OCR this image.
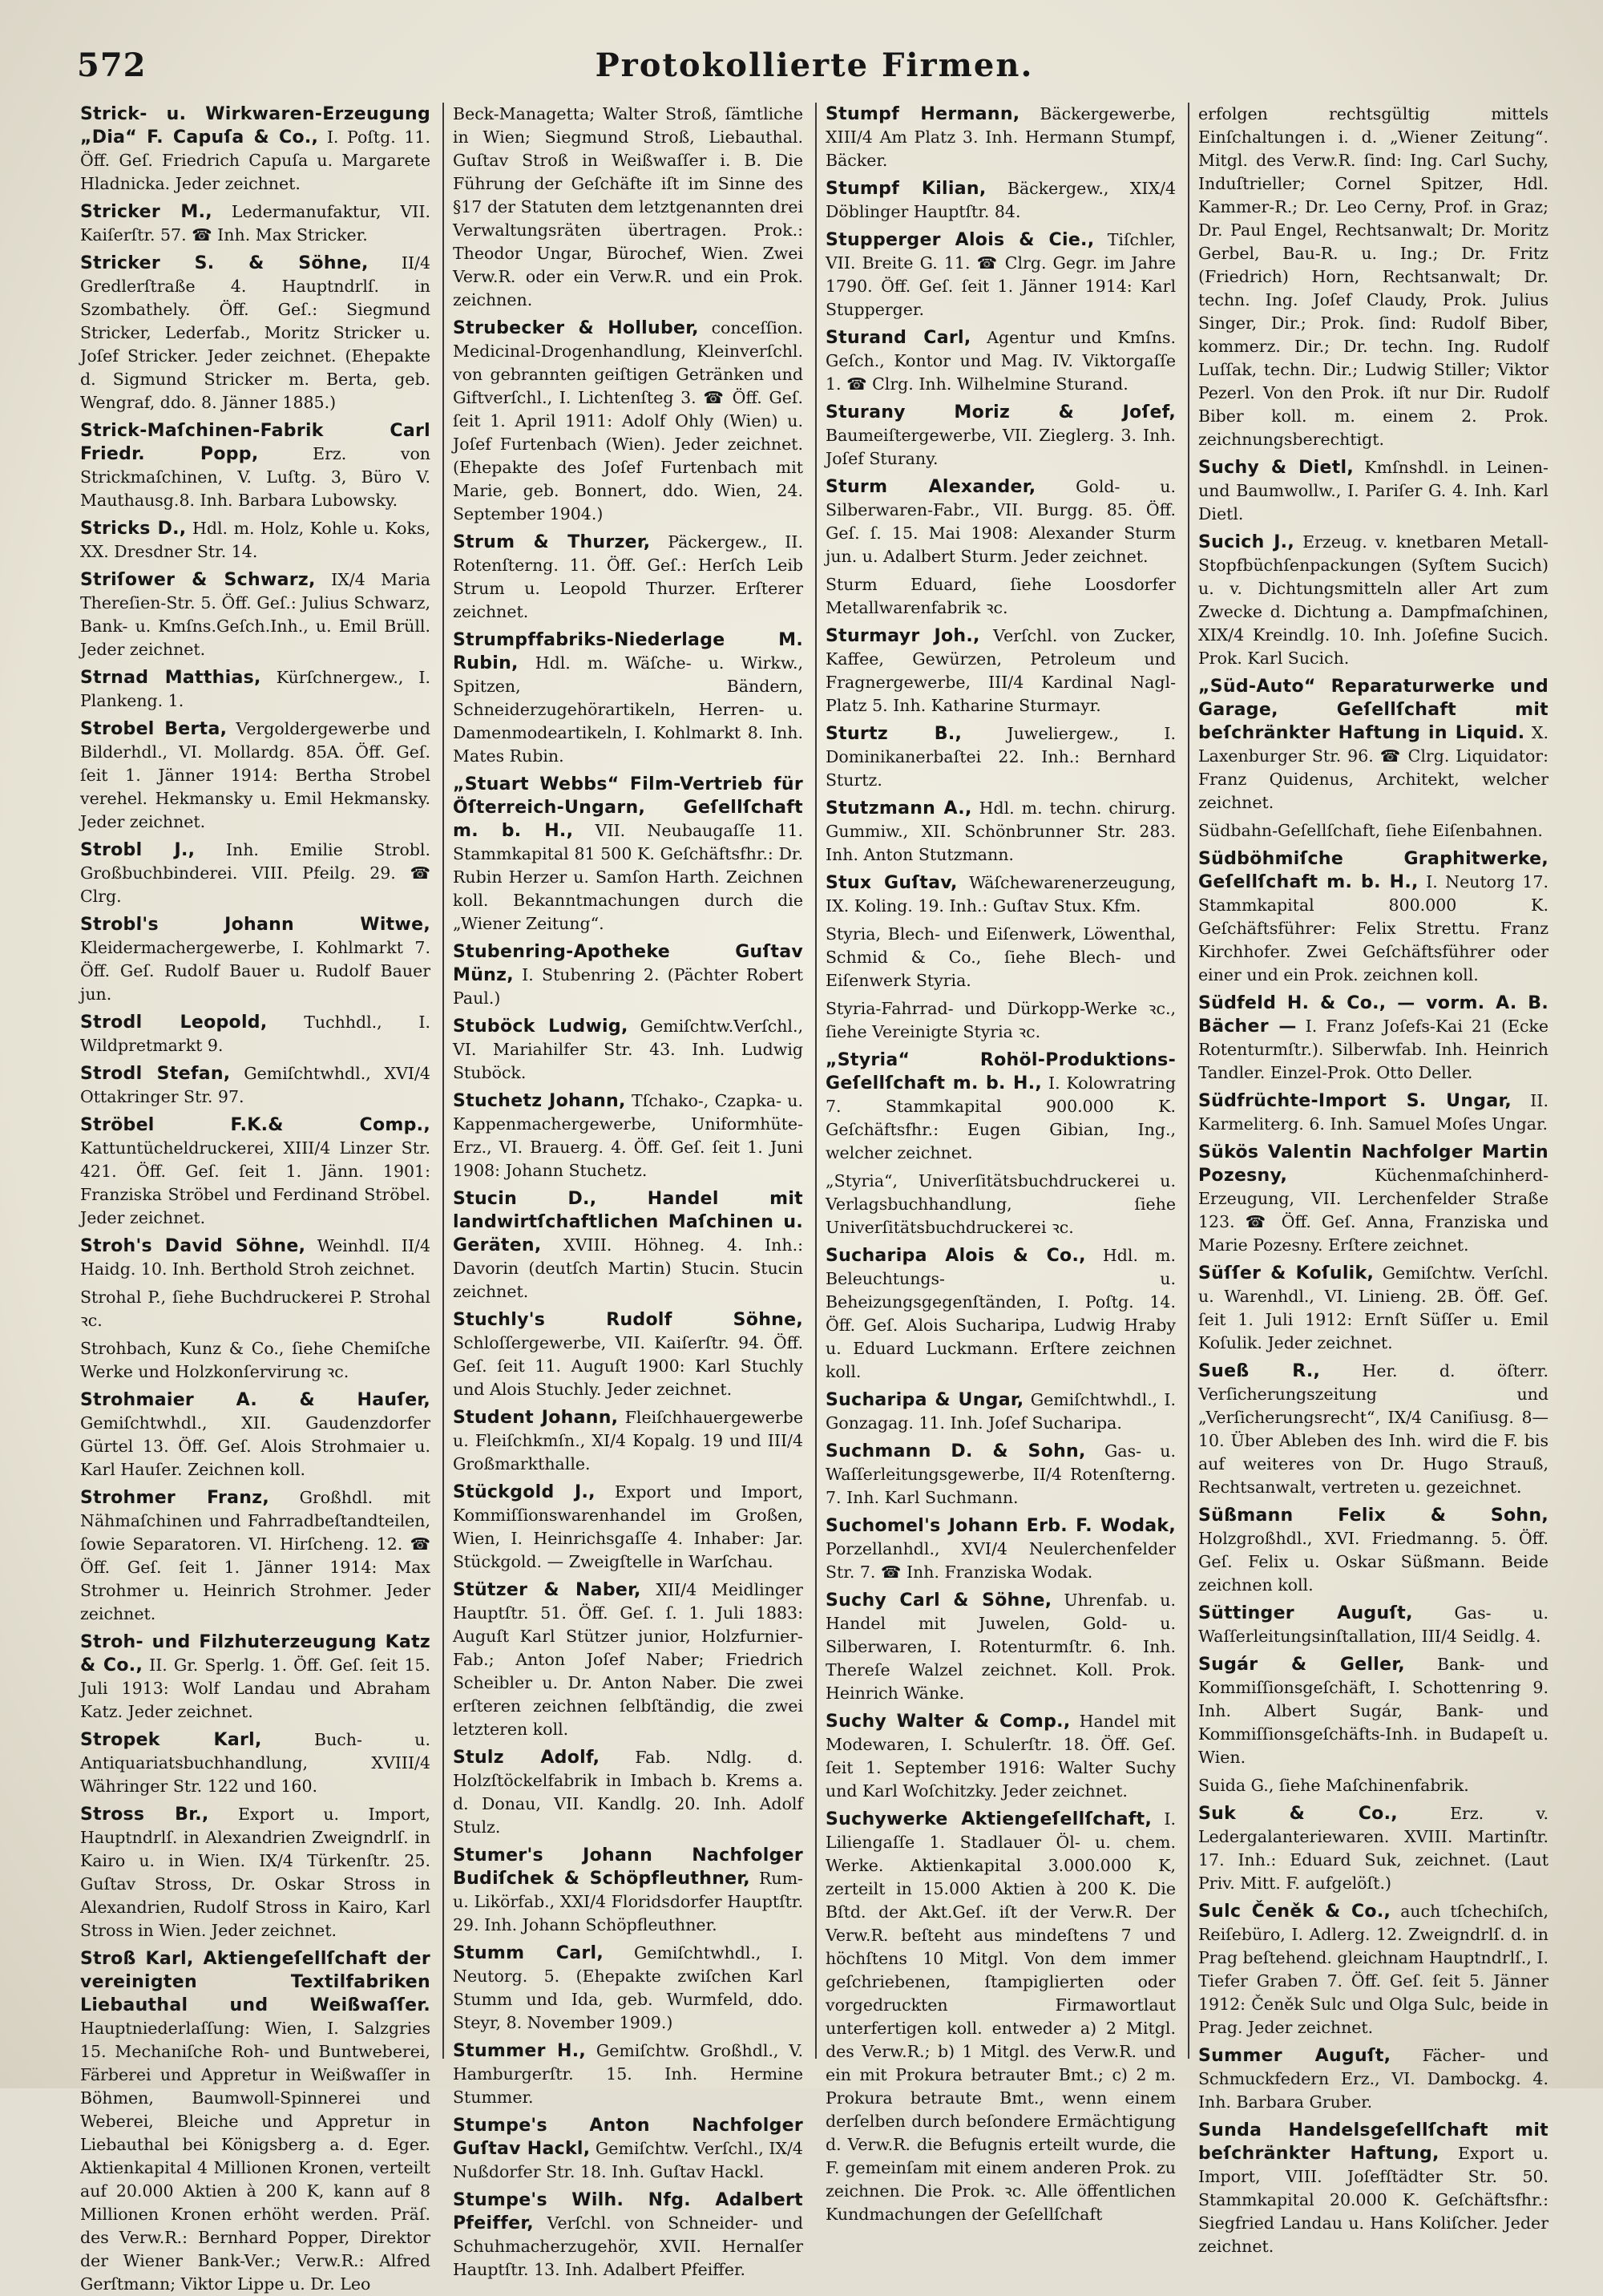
572	Protokollierte Firmen.
Strick- u. Wirkwaren-Erzeugung „Dia“ F. Capuſa & Co., I. Poſtg. 11. Öff. Geſ. Friedrich Capuſa u. Margarete Hladnicka. Jeder zeichnet.
Stricker M., Ledermanufaktur, VII. Kaiſerſtr. 57. ☎ Inh. Max Stricker.
Stricker S. & Söhne, II/4 Gredlerſtraße 4. Hauptndrlſ. in Szombathely. Öff. Geſ.: Siegmund Stricker, Lederfab., Moritz Stricker u. Joſef Stricker. Jeder zeichnet. (Ehepakte d. Sigmund Stricker m. Berta, geb. Wengraf, ddo. 8. Jänner 1885.)
Strick-Maſchinen-Fabrik Carl Friedr. Popp,	Erz. von Strickmaſchinen, V. Luſtg. 3, Büro V. Mauthausg.8. Inh. Barbara Lubowsky.
Stricks D., Hdl. m. Holz, Kohle u. Koks, XX. Dresdner Str. 14.
Striſower & Schwarz, IX/4 Maria Thereſien-Str. 5. Öff. Geſ.: Julius Schwarz, Bank- u. Kmſns.Geſch.Inh., u. Emil Brüll. Jeder zeichnet.
Strnad Matthias, Kürſchnergew., I. Plankeng. 1.
Strobel Berta, Vergoldergewerbe und Bilderhdl., VI. Mollardg. 85A. Öff. Geſ. ſeit 1. Jänner 1914: Bertha Strobel verehel. Hekmansky u. Emil Hekmansky. Jeder zeichnet.
Strobl J., Inh. Emilie Strobl. Großbuchbinderei. VIII. Pfeilg. 29. ☎ Clrg.
Strobl's Johann Witwe, Kleidermachergewerbe, I. Kohlmarkt 7. Öff. Geſ. Rudolf Bauer u. Rudolf Bauer jun.
Strodl Leopold, Tuchhdl., I. Wildpretmarkt 9.
Strodl Stefan, Gemiſchtwhdl., XVI/4 Ottakringer Str. 97.
Ströbel F.K.& Comp., Kattuntücheldruckerei, XIII/4 Linzer Str. 421. Öff. Geſ. ſeit 1. Jänn. 1901: Franziska Ströbel und Ferdinand Ströbel. Jeder zeichnet.
Stroh's David Söhne, Weinhdl. II/4 Haidg. 10. Inh. Berthold Stroh zeichnet.
Strohal P., ſiehe Buchdruckerei P. Strohal ꝛc.
Strohbach, Kunz & Co., ſiehe Chemiſche Werke und Holzkonſervirung ꝛc.
Strohmaier A. & Hauſer, Gemiſchtwhdl., XII. Gaudenzdorfer Gürtel 13. Öff. Geſ. Alois Strohmaier u. Karl Hauſer. Zeichnen koll.
Strohmer Franz, Großhdl. mit Nähmaſchinen und Fahrradbeſtandteilen, ſowie Separatoren. VI. Hirſcheng. 12. ☎ Öff. Geſ. ſeit 1. Jänner 1914: Max Strohmer u. Heinrich Strohmer. Jeder zeichnet.
Stroh- und Filzhuterzeugung Katz & Co., II. Gr. Sperlg. 1. Öff. Geſ. ſeit 15. Juli 1913: Wolf Landau und Abraham Katz. Jeder zeichnet.
Stropek Karl,	Buch- u. Antiquariatsbuchhandlung, XVIII/4 Währinger Str. 122 und 160.
Stross Br., Export u. Import, Hauptndrlſ. in Alexandrien Zweigndrlſ. in Kairo u. in Wien. IX/4 Türkenſtr. 25. Guſtav Stross, Dr. Oskar Stross in Alexandrien, Rudolf Stross in Kairo, Karl Stross in Wien. Jeder zeichnet.
Stroß Karl, Aktiengeſellſchaft der vereinigten Textilfabriken Liebauthal und Weißwaſſer. Hauptniederlaſſung: Wien, I. Salzgries 15. Mechaniſche Roh- und Buntweberei, Färberei und Appretur in Weißwaſſer in Böhmen, Baumwoll-Spinnerei und Weberei, Bleiche und Appretur in Liebauthal bei Königsberg a. d. Eger. Aktienkapital 4 Millionen Kronen, verteilt auf 20.000 Aktien à 200 K, kann auf 8 Millionen Kronen erhöht werden. Präſ. des Verw.R.: Bernhard Popper, Direktor der Wiener Bank-Ver.; Verw.R.: Alfred Gerſtmann; Viktor Lippe u. Dr. Leo
Beck-Managetta; Walter Stroß, ſämtliche in Wien; Siegmund Stroß, Liebauthal. Guſtav Stroß in Weißwaſſer i. B. Die Führung der Geſchäfte iſt im Sinne des §17 der Statuten dem letztgenannten drei Verwaltungsräten übertragen. Prok.: Theodor Ungar, Bürochef, Wien. Zwei Verw.R. oder ein Verw.R. und ein Prok. zeichnen.
Strubecker & Holluber, conceſſion. Medicinal-Drogenhandlung, Kleinverſchl. von gebrannten geiſtigen Getränken und Giftverſchl., I. Lichtenſteg 3. ☎ Öff. Geſ. ſeit 1. April 1911: Adolf Ohly (Wien) u. Joſef Furtenbach (Wien). Jeder zeichnet. (Ehepakte des Joſef Furtenbach mit Marie, geb. Bonnert, ddo. Wien, 24. September 1904.)
Strum & Thurzer, Päckergew., II. Rotenſterng. 11. Öff. Geſ.: Herſch Leib Strum u. Leopold Thurzer. Erſterer zeichnet.
Strumpffabriks-Niederlage M. Rubin, Hdl. m. Wäſche- u. Wirkw., Spitzen, Bändern, Schneiderzugehörartikeln, Herren- u. Damenmodeartikeln, I. Kohlmarkt 8. Inh. Mates Rubin.
„Stuart Webbs“ Film-Vertrieb für Öſterreich-Ungarn, Geſellſchaft m. b. H., VII. Neubaugaſſe 11. Stammkapital 81 500 K. Geſchäftsfhr.: Dr. Rubin Herzer u. Samſon Harth. Zeichnen koll. Bekanntmachungen durch die „Wiener Zeitung“.
Stubenring-Apotheke Guſtav Münz, I. Stubenring 2. (Pächter Robert Paul.)
Stuböck Ludwig, Gemiſchtw.Verſchl., VI. Mariahilfer Str. 43. Inh. Ludwig Stuböck.
Stuchetz Johann, Tſchako-, Czapka- u. Kappenmachergewerbe, Uniformhüte-Erz., VI. Brauerg. 4. Öff. Geſ. ſeit 1. Juni 1908: Johann Stuchetz.
Stucin D., Handel mit landwirtſchaftlichen Maſchinen u. Geräten, XVIII. Höhneg. 4. Inh.: Davorin (deutſch Martin) Stucin. Stucin zeichnet.
Stuchly's Rudolf Söhne, Schloſſergewerbe, VII. Kaiſerſtr. 94. Öff. Geſ. ſeit 11. Auguſt 1900: Karl Stuchly und Alois Stuchly. Jeder zeichnet.
Student Johann, Fleiſchhauergewerbe u. Fleiſchkmſn., XI/4 Kopalg. 19 und III/4 Großmarkthalle.
Stückgold J., Export und Import, Kommiſſionswarenhandel im Großen, Wien, I. Heinrichsgaſſe 4. Inhaber: Jar. Stückgold. — Zweigſtelle in Warſchau.
Stützer & Naber, XII/4 Meidlinger Hauptſtr. 51. Öff. Geſ. ſ. 1. Juli 1883: Auguſt Karl Stützer junior, Holzfurnier-Fab.; Anton Joſef Naber; Friedrich Scheibler u. Dr. Anton Naber. Die zwei erſteren zeichnen ſelbſtändig, die zwei letzteren koll.
Stulz Adolf, Fab. Ndlg. d. Holzſtöckelfabrik in Imbach b. Krems a. d. Donau, VII. Kandlg. 20. Inh. Adolf Stulz.
Stumer's Johann Nachfolger Budiſchek & Schöpfleuthner, Rum- u. Likörfab., XXI/4 Floridsdorfer Hauptſtr. 29. Inh. Johann Schöpfleuthner.
Stumm Carl, Gemiſchtwhdl., I. Neutorg. 5. (Ehepakte zwiſchen Karl Stumm und Ida, geb. Wurmfeld, ddo. Steyr, 8. November 1909.)
Stummer H., Gemiſchtw. Großhdl., V. Hamburgerſtr. 15. Inh. Hermine Stummer.
Stumpe's Anton Nachfolger Guſtav Hackl, Gemiſchtw. Verſchl., IX/4 Nußdorfer Str. 18. Inh. Guſtav Hackl.
Stumpe's Wilh. Nfg. Adalbert Pfeiffer, Verſchl. von Schneider- und Schuhmacherzugehör, XVII. Hernalſer Hauptſtr. 13. Inh. Adalbert Pfeiffer.
Stumpf Hermann, Bäckergewerbe, XIII/4 Am Platz 3. Inh. Hermann Stumpf, Bäcker.
Stumpf Kilian, Bäckergew., XIX/4 Döblinger Hauptſtr. 84.
Stupperger Alois & Cie., Tiſchler, VII. Breite G. 11. ☎ Clrg. Gegr. im Jahre 1790. Öff. Geſ. ſeit 1. Jänner 1914: Karl Stupperger.
Sturand Carl, Agentur und Kmſns. Geſch., Kontor und Mag. IV. Viktorgaſſe 1. ☎ Clrg. Inh. Wilhelmine Sturand.
Sturany Moriz & Joſef, Baumeiſtergewerbe, VII. Zieglerg. 3. Inh. Joſef Sturany.
Sturm Alexander, Gold- u. Silberwaren-Fabr., VII. Burgg. 85. Öff. Geſ. ſ. 15. Mai 1908: Alexander Sturm jun. u. Adalbert Sturm. Jeder zeichnet.
Sturm Eduard, ſiehe Loosdorfer Metallwarenfabrik ꝛc.
Sturmayr Joh., Verſchl. von Zucker, Kaffee, Gewürzen, Petroleum und Fragnergewerbe, III/4 Kardinal Nagl-Platz 5. Inh. Katharine Sturmayr.
Sturtz B.,	Juweliergew., I. Dominikanerbaſtei 22. Inh.: Bernhard Sturtz.
Stutzmann A., Hdl. m. techn. chirurg. Gummiw., XII. Schönbrunner Str. 283. Inh. Anton Stutzmann.
Stux Guſtav, Wäſchewarenerzeugung, IX. Koling. 19. Inh.: Guſtav Stux. Kfm.
Styria, Blech- und Eiſenwerk, Löwenthal, Schmid & Co., ſiehe Blech- und Eiſenwerk Styria.
Styria-Fahrrad- und Dürkopp-Werke ꝛc., ſiehe Vereinigte Styria ꝛc.
„Styria“ Rohöl-Produktions-Geſellſchaft m. b. H., I. Kolowratring 7. Stammkapital 900.000 K. Geſchäftsfhr.: Eugen Gibian, Ing., welcher zeichnet.
„Styria“, Univerſitätsbuchdruckerei u. Verlagsbuchhandlung, ſiehe Univerſitätsbuchdruckerei ꝛc.
Sucharipa Alois & Co., Hdl. m. Beleuchtungs- u. Beheizungsgegenſtänden, I. Poſtg. 14. Öff. Geſ. Alois Sucharipa, Ludwig Hraby u. Eduard Luckmann. Erſtere zeichnen koll.
Sucharipa & Ungar, Gemiſchtwhdl., I. Gonzagag. 11. Inh. Joſef Sucharipa.
Suchmann D. & Sohn, Gas- u. Waſſerleitungsgewerbe, II/4 Rotenſterng. 7. Inh. Karl Suchmann.
Suchomel's Johann Erb. F. Wodak, Porzellanhdl., XVI/4 Neulerchenfelder Str. 7. ☎ Inh. Franziska Wodak.
Suchy Carl & Söhne, Uhrenfab. u. Handel mit Juwelen, Gold- u. Silberwaren, I. Rotenturmſtr. 6. Inh. Thereſe Walzel zeichnet. Koll. Prok. Heinrich Wänke.
Suchy Walter & Comp., Handel mit Modewaren, I. Schulerſtr. 18. Öff. Geſ. ſeit 1. September 1916: Walter Suchy und Karl Woſchitzky. Jeder zeichnet.
Suchywerke Aktiengeſellſchaft, I. Liliengaſſe 1. Stadlauer Öl- u. chem. Werke. Aktienkapital 3.000.000 K, zerteilt in 15.000 Aktien à 200 K. Die Bſtd. der Akt.Geſ. iſt der Verw.R. Der Verw.R. beſteht aus mindeſtens 7 und höchſtens 10 Mitgl. Von dem immer geſchriebenen, ſtampiglierten oder vorgedruckten Firmawortlaut unterfertigen koll. entweder a) 2 Mitgl. des Verw.R.; b) 1 Mitgl. des Verw.R. und ein mit Prokura betrauter Bmt.; c) 2 m. Prokura betraute Bmt., wenn einem derſelben durch beſondere Ermächtigung d. Verw.R. die Befugnis erteilt wurde, die F. gemeinſam mit einem anderen Prok. zu zeichnen. Die Prok. ꝛc. Alle öffentlichen Kundmachungen der Geſellſchaft
erfolgen rechtsgültig mittels Einſchaltungen i. d. „Wiener Zeitung“. Mitgl. des Verw.R. ſind: Ing. Carl Suchy, Induſtrieller; Cornel Spitzer, Hdl. Kammer-R.; Dr. Leo Cerny, Prof. in Graz; Dr. Paul Engel, Rechtsanwalt; Dr. Moritz Gerbel, Bau-R. u. Ing.; Dr. Fritz (Friedrich) Horn, Rechtsanwalt; Dr. techn. Ing. Joſef Claudy, Prok. Julius Singer, Dir.; Prok. ſind: Rudolf Biber, kommerz. Dir.; Dr. techn. Ing. Rudolf Luſſak, techn. Dir.; Ludwig Stiller; Viktor Pezerl. Von den Prok. iſt nur Dir. Rudolf Biber koll. m. einem 2. Prok. zeichnungsberechtigt.
Suchy & Dietl, Kmſnshdl. in Leinen- und Baumwollw., I. Pariſer G. 4. Inh. Karl Dietl.
Sucich J., Erzeug. v. knetbaren Metall-Stopfbüchſenpackungen (Syſtem Sucich) u. v. Dichtungsmitteln aller Art zum Zwecke d. Dichtung a. Dampfmaſchinen, XIX/4 Kreindlg. 10. Inh. Joſefine Sucich. Prok. Karl Sucich.
„Süd-Auto“ Reparaturwerke und Garage, Geſellſchaft mit beſchränkter Haftung in Liquid. X. Laxenburger Str. 96. ☎ Clrg. Liquidator: Franz Quidenus, Architekt, welcher zeichnet.
Südbahn-Geſellſchaft, ſiehe Eiſenbahnen.
Südböhmiſche Graphitwerke, Geſellſchaft m. b. H., I. Neutorg 17. Stammkapital 800.000 K. Geſchäftsführer: Felix Strettu. Franz Kirchhofer. Zwei Geſchäftsführer oder einer und ein Prok. zeichnen koll.
Südfeld H. & Co., — vorm. A. B. Bächer — I. Franz Joſefs-Kai 21 (Ecke Rotenturmſtr.). Silberwfab. Inh. Heinrich Tandler. Einzel-Prok. Otto Deller.
Südfrüchte-Import S. Ungar, II. Karmeliterg. 6. Inh. Samuel Moſes Ungar.
Sükös Valentin Nachfolger Martin Pozesny,	Küchenmaſchinherd-Erzeugung, VII. Lerchenfelder Straße 123. ☎ Öff. Geſ. Anna, Franziska und Marie Pozesny. Erſtere zeichnet.
Süſſer & Koſulik, Gemiſchtw. Verſchl. u. Warenhdl., VI. Linieng. 2B. Öff. Geſ. ſeit 1. Juli 1912: Ernſt Süſſer u. Emil Koſulik. Jeder zeichnet.
Sueß R.,	Her. d. öſterr. Verſicherungszeitung und „Verſicherungsrecht“, IX/4 Caniſiusg. 8—10. Über Ableben des Inh. wird die F. bis auf weiteres von Dr. Hugo Strauß, Rechtsanwalt, vertreten u. gezeichnet.
Süßmann Felix & Sohn, Holzgroßhdl., XVI. Friedmanng. 5. Öff. Geſ. Felix u. Oskar Süßmann. Beide zeichnen koll.
Süttinger Auguſt,	Gas- u. Waſſerleitungsinſtallation, III/4 Seidlg. 4.
Sugár & Geller, Bank- und Kommiſſionsgeſchäft, I. Schottenring 9. Inh. Albert Sugár, Bank- und Kommiſſionsgeſchäfts-Inh. in Budapeſt u. Wien.
Suida G., ſiehe Maſchinenfabrik.
Suk & Co.,	Erz. v. Ledergalanteriewaren. XVIII. Martinſtr. 17. Inh.: Eduard Suk, zeichnet. (Laut Priv. Mitt. F. aufgelöſt.)
Sulc Čeněk & Co., auch tſchechiſch, Reiſebüro, I. Adlerg. 12. Zweigndrlſ. d. in Prag beſtehend. gleichnam Hauptndrlſ., I. Tiefer Graben 7. Öff. Geſ. ſeit 5. Jänner 1912: Čeněk Sulc und Olga Sulc, beide in Prag. Jeder zeichnet.
Summer Auguſt, Fächer- und Schmuckfedern Erz., VI. Dambockg. 4. Inh. Barbara Gruber.
Sunda Handelsgeſellſchaft mit beſchränkter Haftung, Export u. Import, VIII. Joſefſtädter Str. 50. Stammkapital 20.000 K. Geſchäftsfhr.: Siegfried Landau u. Hans Koliſcher. Jeder zeichnet.
